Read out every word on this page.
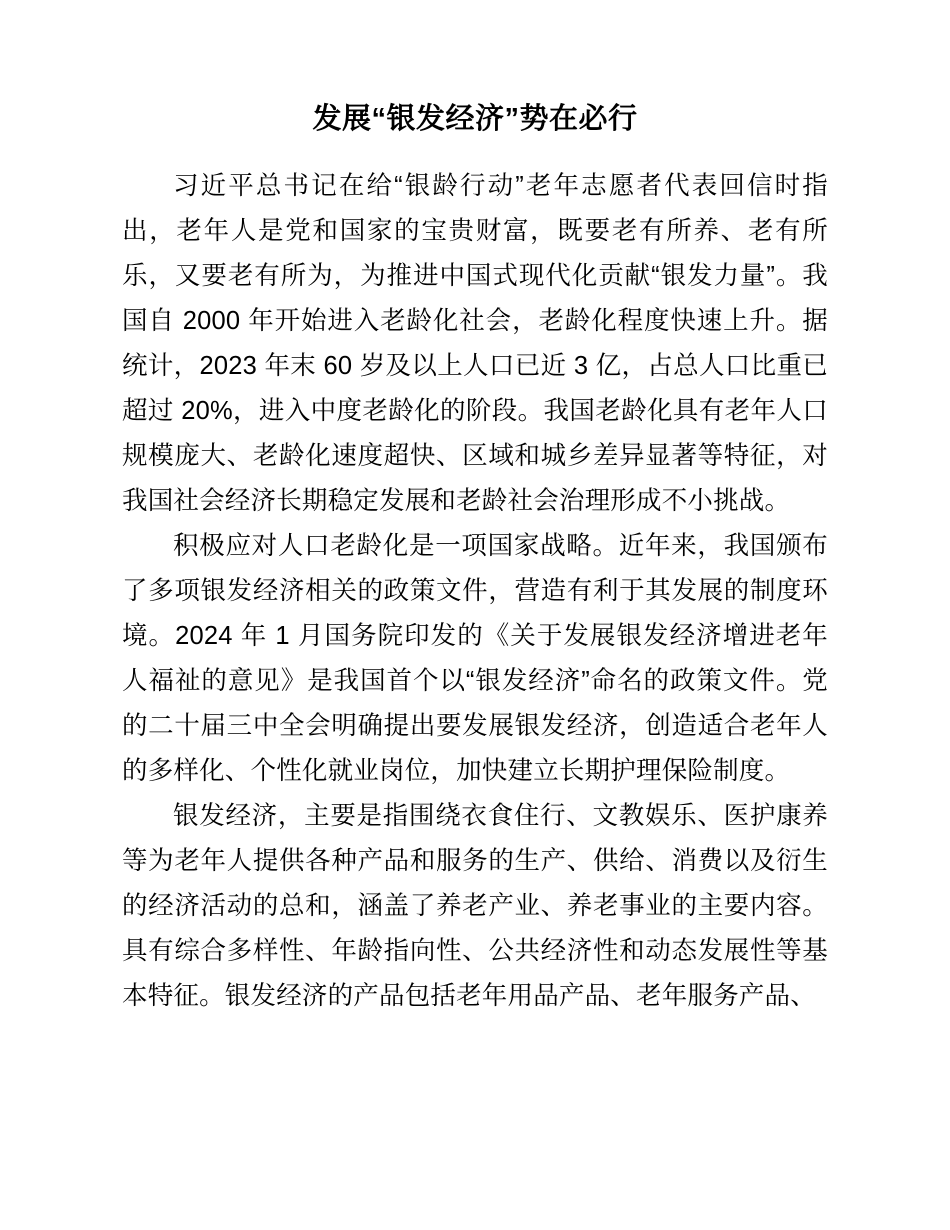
发展“银发经济”势在必行

习近平总书记在给“银龄行动”老年志愿者代表回信时指出，老年人是党和国家的宝贵财富，既要老有所养、老有所乐，又要老有所为，为推进中国式现代化贡献“银发力量”。我国自 2000 年开始进入老龄化社会，老龄化程度快速上升。据统计，2023 年末 60 岁及以上人口已近 3 亿，占总人口比重已超过 20%，进入中度老龄化的阶段。我国老龄化具有老年人口规模庞大、老龄化速度超快、区域和城乡差异显著等特征，对我国社会经济长期稳定发展和老龄社会治理形成不小挑战。

积极应对人口老龄化是一项国家战略。近年来，我国颁布了多项银发经济相关的政策文件，营造有利于其发展的制度环境。2024 年 1 月国务院印发的《关于发展银发经济增进老年人福祉的意见》是我国首个以“银发经济”命名的政策文件。党的二十届三中全会明确提出要发展银发经济，创造适合老年人的多样化、个性化就业岗位，加快建立长期护理保险制度。

银发经济，主要是指围绕衣食住行、文教娱乐、医护康养等为老年人提供各种产品和服务的生产、供给、消费以及衍生的经济活动的总和，涵盖了养老产业、养老事业的主要内容。具有综合多样性、年龄指向性、公共经济性和动态发展性等基本特征。银发经济的产品包括老年用品产品、老年服务产品、
